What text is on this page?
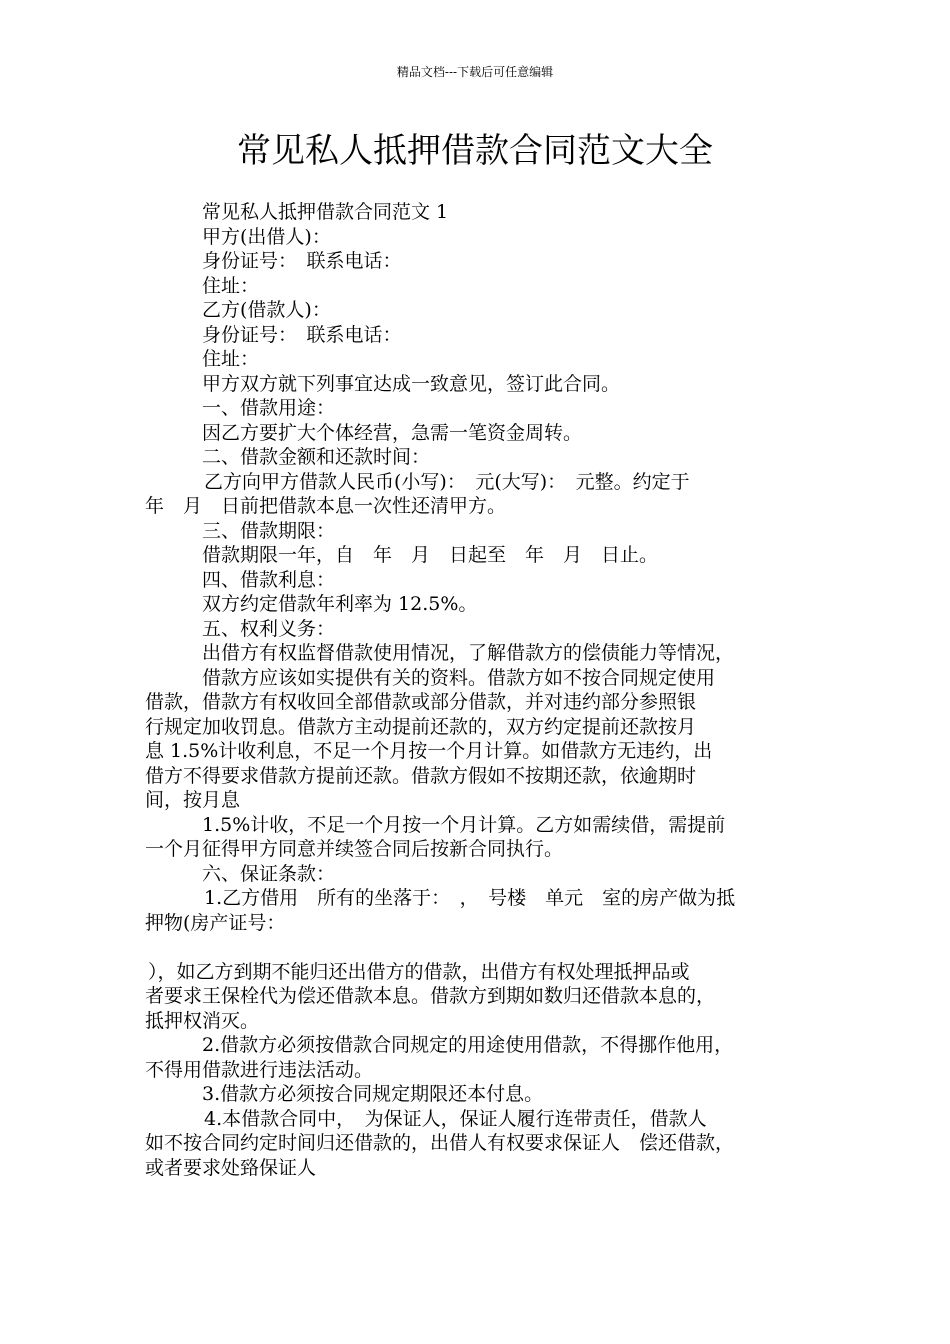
精品文档---下载后可任意编辑
常见私人抵押借款合同范文大全

常见私人抵押借款合同范文 1

甲方(出借人)：

身份证号：　联系电话：

住址：

乙方(借款人)：

身份证号：　联系电话：

住址：

甲方双方就下列事宜达成一致意见，签订此合同。

一、借款用途：

因乙方要扩大个体经营，急需一笔资金周转。

二、借款金额和还款时间：

乙方向甲方借款人民币(小写)：　元(大写)：　元整。约定于

年　月　日前把借款本息一次性还清甲方。

三、借款期限：

借款期限一年，自　年　月　日起至　年　月　日止。

四、借款利息：

双方约定借款年利率为 12.5%。

五、权利义务：

出借方有权监督借款使用情况，了解借款方的偿债能力等情况，

借款方应该如实提供有关的资料。借款方如不按合同规定使用

借款，借款方有权收回全部借款或部分借款，并对违约部分参照银

行规定加收罚息。借款方主动提前还款的，双方约定提前还款按月

息 1.5%计收利息，不足一个月按一个月计算。如借款方无违约，出

借方不得要求借款方提前还款。借款方假如不按期还款，依逾期时

间，按月息

1.5%计收，不足一个月按一个月计算。乙方如需续借，需提前

一个月征得甲方同意并续签合同后按新合同执行。

六、保证条款：

1.乙方借用　所有的坐落于：　，　号楼　单元　室的房产做为抵

押物(房产证号：

），如乙方到期不能归还出借方的借款，出借方有权处理抵押品或

者要求王保栓代为偿还借款本息。借款方到期如数归还借款本息的，

抵押权消灭。

2.借款方必须按借款合同规定的用途使用借款，不得挪作他用，

不得用借款进行违法活动。

3.借款方必须按合同规定期限还本付息。

4.本借款合同中，　为保证人，保证人履行连带责任，借款人

如不按合同约定时间归还借款的，出借人有权要求保证人　偿还借款，

或者要求处臵保证人
